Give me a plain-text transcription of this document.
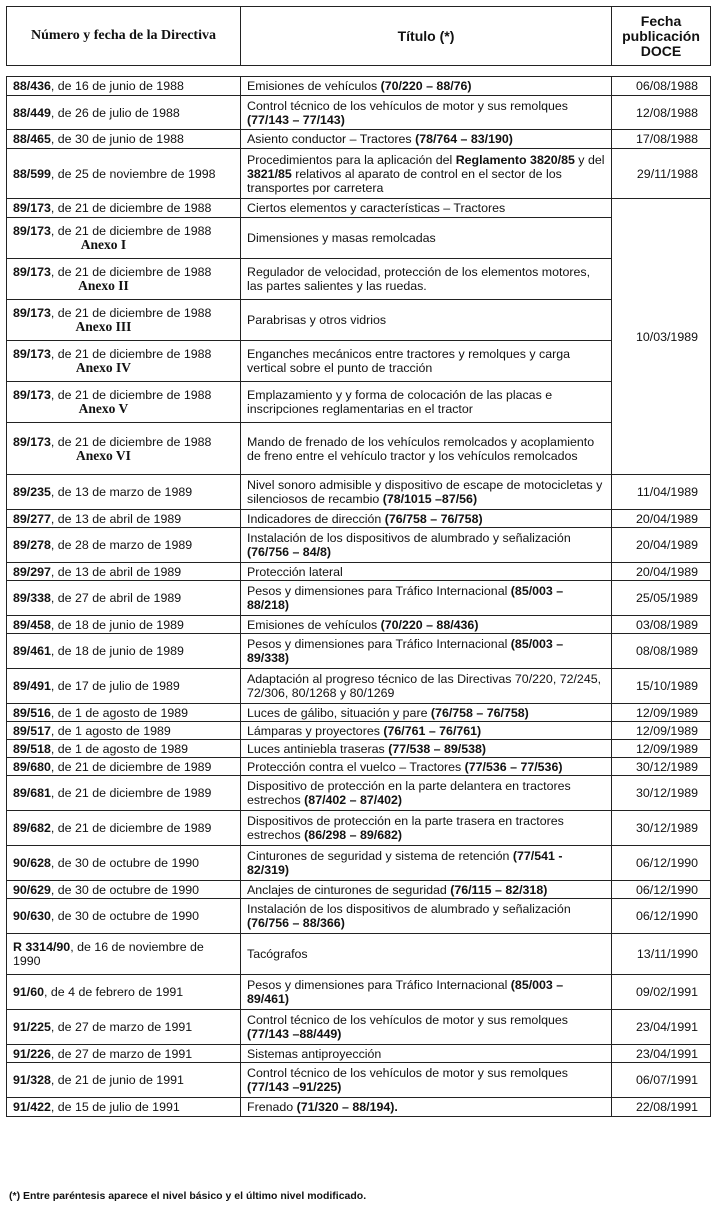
Número y fecha de la Directiva	Título (*)	Fecha
publicación
DOCE
88/436, de 16 de junio de 1988	Emisiones de vehículos (70/220 – 88/76)	06/08/1988
88/449, de 26 de julio de 1988	Control técnico de los vehículos de motor y sus remolques (77/143 – 77/143)	12/08/1988
88/465, de 30 de junio de 1988	Asiento conductor – Tractores (78/764 – 83/190)	17/08/1988
88/599, de 25 de noviembre de 1998	Procedimientos para la aplicación del Reglamento 3820/85 y del 3821/85 relativos al aparato de control en el sector de los transportes por carretera	29/11/1988
89/173, de 21 de diciembre de 1988	Ciertos elementos y características – Tractores	10/03/1989
89/173, de 21 de diciembre de 1988
Anexo I	Dimensiones y masas remolcadas	
89/173, de 21 de diciembre de 1988
Anexo II	Regulador de velocidad, protección de los elementos motores, las partes salientes y las ruedas.	
89/173, de 21 de diciembre de 1988
Anexo III	Parabrisas y otros vidrios	
89/173, de 21 de diciembre de 1988
Anexo IV	Enganches mecánicos entre tractores y remolques y carga vertical sobre el punto de tracción	
89/173, de 21 de diciembre de 1988
Anexo V	Emplazamiento y y forma de colocación de las placas e inscripciones reglamentarias en el tractor	
89/173, de 21 de diciembre de 1988
Anexo VI	Mando de frenado de los vehículos remolcados y acoplamiento de freno entre el vehículo tractor y los vehículos remolcados	
89/235, de 13 de marzo de 1989	Nivel sonoro admisible y dispositivo de escape de motocicletas y silenciosos de recambio (78/1015 –87/56)	11/04/1989
89/277, de 13 de abril de 1989	Indicadores de dirección (76/758 – 76/758)	20/04/1989
89/278, de 28 de marzo de 1989	Instalación de los dispositivos de alumbrado y señalización (76/756 – 84/8)	20/04/1989
89/297, de 13 de abril de 1989	Protección lateral	20/04/1989
89/338, de 27 de abril de 1989	Pesos y dimensiones para Tráfico Internacional (85/003 – 88/218)	25/05/1989
89/458, de 18 de junio de 1989	Emisiones de vehículos (70/220 – 88/436)	03/08/1989
89/461, de 18 de junio de 1989	Pesos y dimensiones para Tráfico Internacional (85/003 – 89/338)	08/08/1989
89/491, de 17 de julio de 1989	Adaptación al progreso técnico de las Directivas 70/220, 72/245, 72/306, 80/1268 y 80/1269	15/10/1989
89/516, de 1 de agosto de 1989	Luces de gálibo, situación y pare (76/758 – 76/758)	12/09/1989
89/517, de 1 agosto de 1989	Lámparas y proyectores (76/761 – 76/761)	12/09/1989
89/518, de 1 de agosto de 1989	Luces antiniebla traseras (77/538 – 89/538)	12/09/1989
89/680, de 21 de diciembre de 1989	Protección contra el vuelco – Tractores (77/536 – 77/536)	30/12/1989
89/681, de 21 de diciembre de 1989	Dispositivo de protección en la parte delantera en tractores estrechos (87/402 – 87/402)	30/12/1989
89/682, de 21 de diciembre de 1989	Dispositivos de protección en la parte trasera en tractores estrechos (86/298 – 89/682)	30/12/1989
90/628, de 30 de octubre de 1990	Cinturones de seguridad y sistema de retención (77/541 - 82/319)	06/12/1990
90/629, de 30 de octubre de 1990	Anclajes de cinturones de seguridad (76/115 – 82/318)	06/12/1990
90/630, de 30 de octubre de 1990	Instalación de los dispositivos de alumbrado y señalización (76/756 – 88/366)	06/12/1990
R 3314/90, de 16 de noviembre de 1990	Tacógrafos	13/11/1990
91/60, de 4 de febrero de 1991	Pesos y dimensiones para Tráfico Internacional (85/003 – 89/461)	09/02/1991
91/225, de 27 de marzo de 1991	Control técnico de los vehículos de motor y sus remolques (77/143 –88/449)	23/04/1991
91/226, de 27 de marzo de 1991	Sistemas antiproyección	23/04/1991
91/328, de 21 de junio de 1991	Control técnico de los vehículos de motor y sus remolques (77/143 –91/225)	06/07/1991
91/422, de 15 de julio de 1991	Frenado (71/320 – 88/194).	22/08/1991
(*) Entre paréntesis aparece el nivel básico y el último nivel modificado.
